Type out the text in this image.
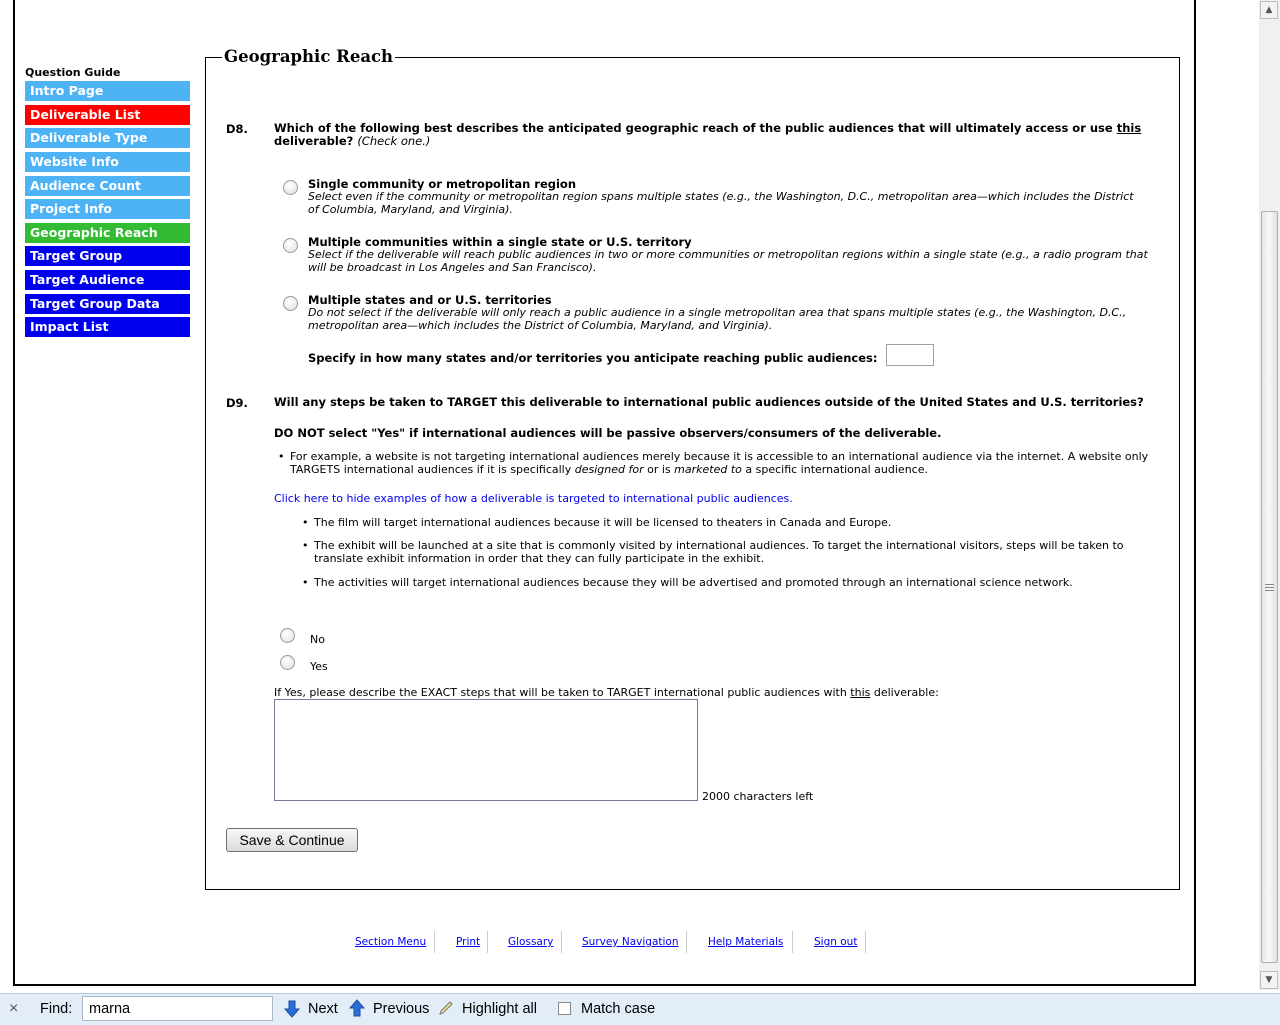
Question Guide
Intro Page
Deliverable List
Deliverable Type
Website Info
Audience Count
Project Info
Geographic Reach
Target Group
Target Audience
Target Group Data
Impact List
Geographic Reach
D8. Which of the following best describes the anticipated geographic reach of the public audiences that will ultimately access or use this deliverable? (Check one.)
Single community or metropolitan region
Select even if the community or metropolitan region spans multiple states (e.g., the Washington, D.C., metropolitan area—which includes the District of Columbia, Maryland, and Virginia).
Multiple communities within a single state or U.S. territory
Select if the deliverable will reach public audiences in two or more communities or metropolitan regions within a single state (e.g., a radio program that will be broadcast in Los Angeles and San Francisco).
Multiple states and or U.S. territories
Do not select if the deliverable will only reach a public audience in a single metropolitan area that spans multiple states (e.g., the Washington, D.C., metropolitan area—which includes the District of Columbia, Maryland, and Virginia).
Specify in how many states and/or territories you anticipate reaching public audiences:
D9. Will any steps be taken to TARGET this deliverable to international public audiences outside of the United States and U.S. territories?
DO NOT select "Yes" if international audiences will be passive observers/consumers of the deliverable.
• For example, a website is not targeting international audiences merely because it is accessible to an international audience via the internet. A website only TARGETS international audiences if it is specifically designed for or is marketed to a specific international audience.
Click here to hide examples of how a deliverable is targeted to international public audiences.
• The film will target international audiences because it will be licensed to theaters in Canada and Europe.
• The exhibit will be launched at a site that is commonly visited by international audiences. To target the international visitors, steps will be taken to translate exhibit information in order that they can fully participate in the exhibit.
• The activities will target international audiences because they will be advertised and promoted through an international science network.
No
Yes
If Yes, please describe the EXACT steps that will be taken to TARGET international public audiences with this deliverable:
2000 characters left
Save & Continue
Section Menu	Print	Glossary	Survey Navigation	Help Materials	Sign out
▲
▼
× Find:
marna	Next Previous Highlight all	Match case
